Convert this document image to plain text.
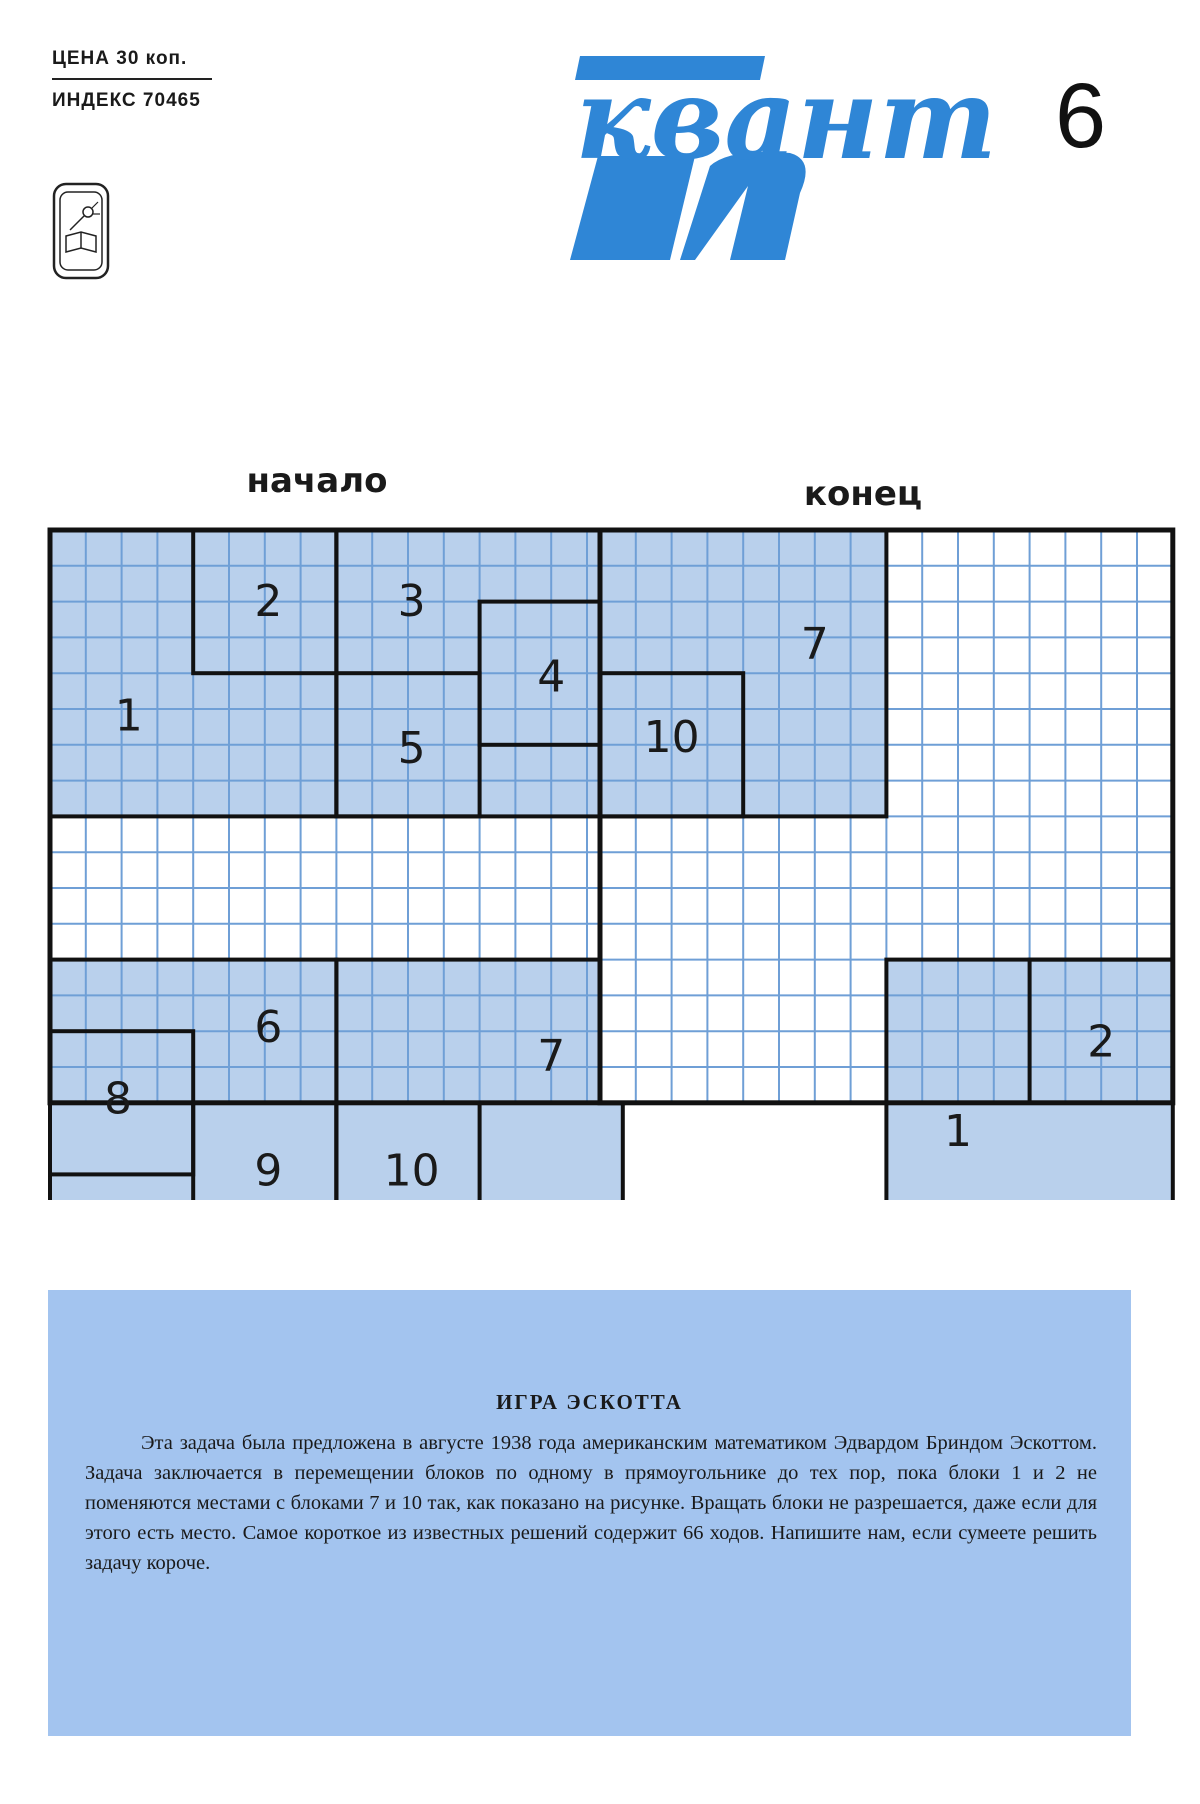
ЦЕНА 30 коп.
ИНДЕКС 70465	квант 6
начало	конец
1
2	3
4
5
6
7
8
9 10
7
10
2
1
ИГРА ЭСКОТТА

Эта задача была предложена в августе 1938 года американским математиком Эдвардом Бриндом Эскоттом. Задача заключается в перемещении блоков по одному в прямоугольнике до тех пор, пока блоки 1 и 2 не поменяются местами с блоками 7 и 10 так, как показано на рисунке. Вращать блоки не разрешается, даже если для этого есть место. Самое короткое из известных решений содержит 66 ходов. Напишите нам, если сумеете решить задачу короче.
